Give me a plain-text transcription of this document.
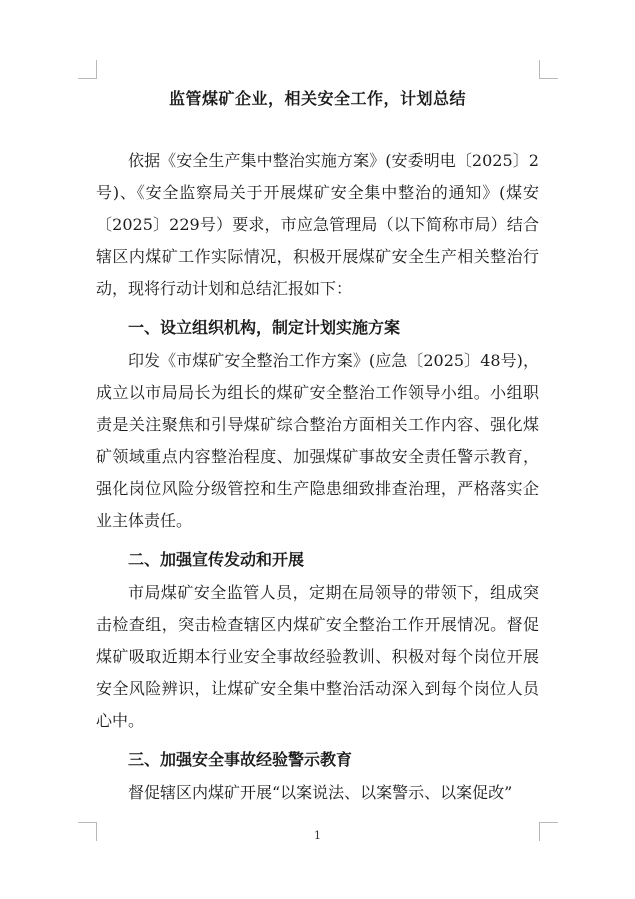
监管煤矿企业，相关安全工作，计划总结

依据《安全生产集中整治实施方案》(安委明电〔2025〕2号)、《安全监察局关于开展煤矿安全集中整治的通知》(煤安〔2025〕229号）要求，市应急管理局（以下简称市局）结合辖区内煤矿工作实际情况，积极开展煤矿安全生产相关整治行动，现将行动计划和总结汇报如下：

一、设立组织机构，制定计划实施方案

印发《市煤矿安全整治工作方案》(应急〔2025〕48号)，成立以市局局长为组长的煤矿安全整治工作领导小组。小组职责是关注聚焦和引导煤矿综合整治方面相关工作内容、强化煤矿领域重点内容整治程度、加强煤矿事故安全责任警示教育，强化岗位风险分级管控和生产隐患细致排查治理，严格落实企业主体责任。

二、加强宣传发动和开展

市局煤矿安全监管人员，定期在局领导的带领下，组成突击检查组，突击检查辖区内煤矿安全整治工作开展情况。督促煤矿吸取近期本行业安全事故经验教训、积极对每个岗位开展安全风险辨识，让煤矿安全集中整治活动深入到每个岗位人员心中。

三、加强安全事故经验警示教育

督促辖区内煤矿开展“以案说法、以案警示、以案促改”

1
